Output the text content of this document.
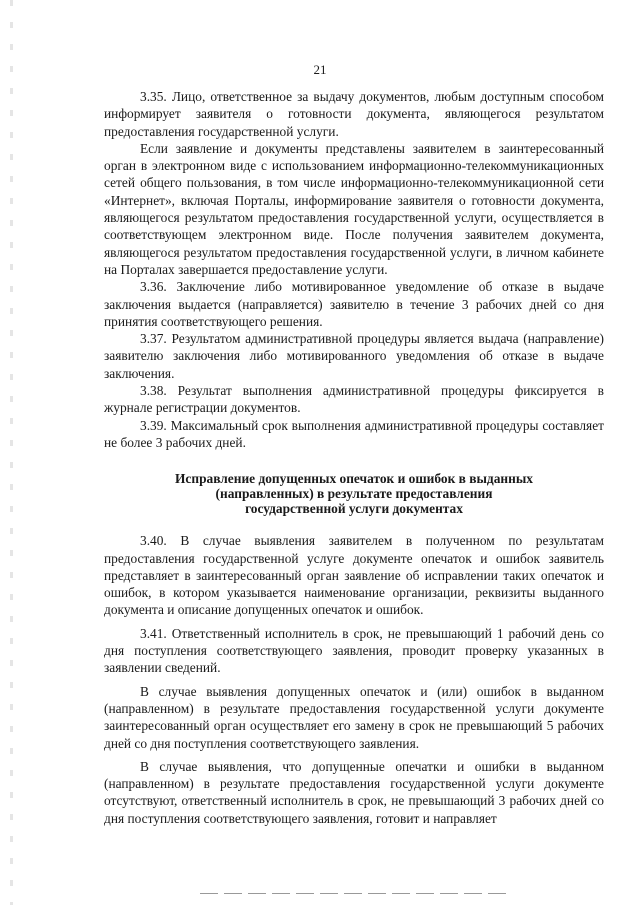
21

3.35. Лицо, ответственное за выдачу документов, любым доступным способом информирует заявителя о готовности документа, являющегося результатом предоставления государственной услуги.

Если заявление и документы представлены заявителем в заинтересованный орган в электронном виде с использованием информационно-телекоммуникационных сетей общего пользования, в том числе информационно-телекоммуникационной сети «Интернет», включая Порталы, информирование заявителя о готовности документа, являющегося результатом предоставления государственной услуги, осуществляется в соответствующем электронном виде. После получения заявителем документа, являющегося результатом предоставления государственной услуги, в личном кабинете на Порталах завершается предоставление услуги.

3.36. Заключение либо мотивированное уведомление об отказе в выдаче заключения выдается (направляется) заявителю в течение 3 рабочих дней со дня принятия соответствующего решения.

3.37. Результатом административной процедуры является выдача (направление) заявителю заключения либо мотивированного уведомления об отказе в выдаче заключения.

3.38. Результат выполнения административной процедуры фиксируется в журнале регистрации документов.

3.39. Максимальный срок выполнения административной процедуры составляет не более 3 рабочих дней.

Исправление допущенных опечаток и ошибок в выданных
(направленных) в результате предоставления
государственной услуги документах

3.40. В случае выявления заявителем в полученном по результатам предоставления государственной услуге документе опечаток и ошибок заявитель представляет в заинтересованный орган заявление об исправлении таких опечаток и ошибок, в котором указывается наименование организации, реквизиты выданного документа и описание допущенных опечаток и ошибок.

3.41. Ответственный исполнитель в срок, не превышающий 1 рабочий день со дня поступления соответствующего заявления, проводит проверку указанных в заявлении сведений.

В случае выявления допущенных опечаток и (или) ошибок в выданном (направленном) в результате предоставления государственной услуги документе заинтересованный орган осуществляет его замену в срок не превышающий 5 рабочих дней со дня поступления соответствующего заявления.

В случае выявления, что допущенные опечатки и ошибки в выданном (направленном) в результате предоставления государственной услуги документе отсутствуют, ответственный исполнитель в срок, не превышающий 3 рабочих дней со дня поступления соответствующего заявления, готовит и направляет
